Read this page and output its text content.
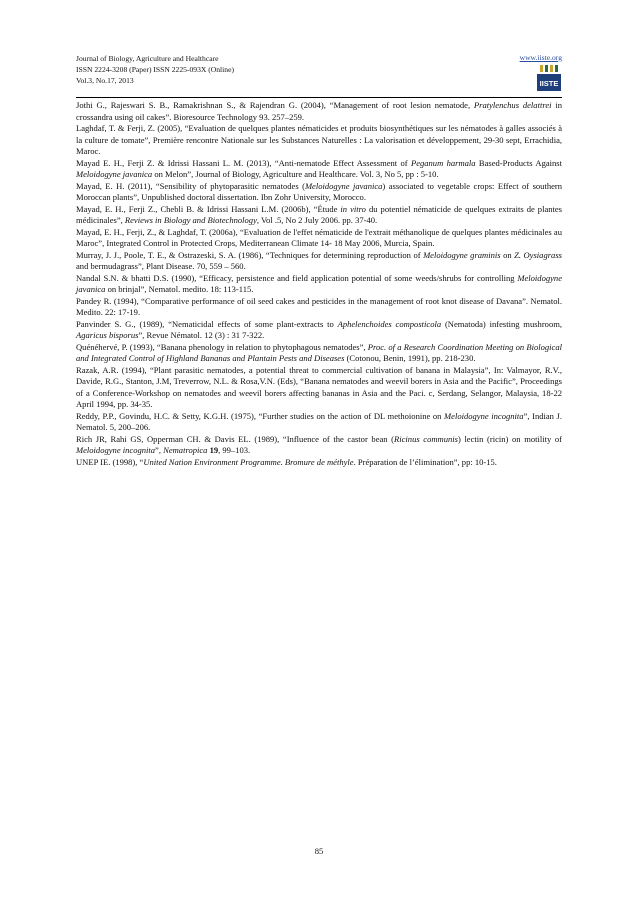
Journal of Biology, Agriculture and Healthcare
ISSN 2224-3208 (Paper) ISSN 2225-093X (Online)
Vol.3, No.17, 2013
www.iiste.org
IISTE
Jothi G., Rajeswari S. B., Ramakrishnan S., & Rajendran G. (2004), “Management of root lesion nematode, Pratylenchus delattrei in crossandra using oil cakes”. Bioresource Technology 93. 257–259.
Laghdaf, T. & Ferji, Z. (2005), “Evaluation de quelques plantes nématicides et produits biosynthétiques sur les nématodes à galles associés à la culture de tomate”, Première rencontre Nationale sur les Substances Naturelles : La valorisation et développement, 29-30 sept, Errachidia, Maroc.
Mayad E. H., Ferji Z. & Idrissi Hassani L. M. (2013), “Anti-nematode Effect Assessment of Peganum harmala Based-Products Against Meloidogyne javanica on Melon”, Journal of Biology, Agriculture and Healthcare. Vol. 3, No 5, pp : 5-10.
Mayad, E. H. (2011), “Sensibility of phytoparasitic nematodes (Meloidogyne javanica) associated to vegetable crops: Effect of southern Moroccan plants”, Unpublished doctoral dissertation. Ibn Zohr University, Morocco.
Mayad, E. H., Ferji Z., Chebli B. & Idrissi Hassani L.M. (2006b), “Étude in vitro du potentiel nématicide de quelques extraits de plantes médicinales”, Reviews in Biology and Biotechnology, Vol .5, No 2 July 2006. pp. 37-40.
Mayad, E. H., Ferji, Z., & Laghdaf, T. (2006a), “Evaluation de l'effet nématicide de l'extrait méthanolique de quelques plantes médicinales au Maroc”, Integrated Control in Protected Crops, Mediterranean Climate 14- 18 May 2006, Murcia, Spain.
Murray, J. J., Poole, T. E., & Ostrazeski, S. A. (1986), “Techniques for determining reproduction of Meloidogyne graminis on Z. Oysiagrass and bermudagrass”, Plant Disease. 70, 559 – 560.
Nandal S.N. & bhatti D.S. (1990), “Efficacy, persistence and field application potential of some weeds/shrubs for controlling Meloidogyne javanica on brinjal”, Nematol. medito. 18: 113-115.
Pandey R. (1994), “Comparative performance of oil seed cakes and pesticides in the management of root knot disease of Davana”. Nematol. Medito. 22: 17-19.
Panvinder S. G., (1989), “Nematicidal effects of some plant-extracts to Aphelenchoides composticola (Nematoda) infesting mushroom, Agaricus bisporus”, Revue Nématol. 12 (3) : 31 7-322.
Quénéhervé, P. (1993), “Banana phenology in relation to phytophagous nematodes”, Proc. of a Research Coordination Meeting on Biological and Integrated Control of Highland Bananas and Plantain Pests and Diseases (Cotonou, Benin, 1991), pp. 218-230.
Razak, A.R. (1994), “Plant parasitic nematodes, a potential threat to commercial cultivation of banana in Malaysia”, In: Valmayor, R.V., Davide, R.G., Stanton, J.M, Treverrow, N.L. & Rosa,V.N. (Eds), “Banana nematodes and weevil borers in Asia and the Pacific”, Proceedings of a Conference-Workshop on nematodes and weevil borers affecting bananas in Asia and the Paci. c, Serdang, Selangor, Malaysia, 18-22 April 1994, pp. 34-35.
Reddy, P.P., Govindu, H.C. & Setty, K.G.H. (1975), “Further studies on the action of DL methoionine on Meloidogyne incognita”, Indian J. Nematol. 5, 200–206.
Rich JR, Rahi GS, Opperman CH. & Davis EL. (1989), “Influence of the castor bean (Ricinus communis) lectin (ricin) on motility of Meloidogyne incognita”, Nematropica 19, 99–103.
UNEP IE. (1998), “United Nation Environment Programme. Bromure de méthyle. Préparation de l’élimination”, pp: 10-15.
85
